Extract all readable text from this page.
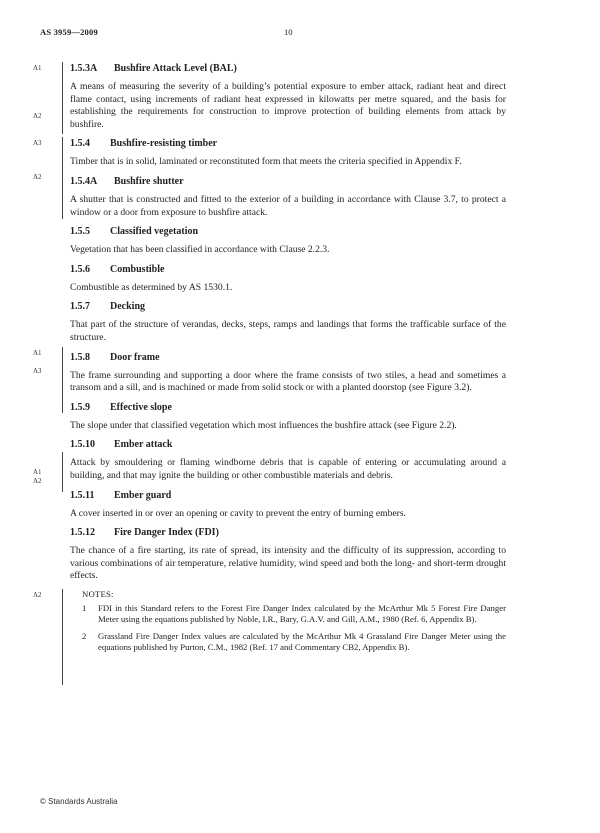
AS 3959—2009	10
A1
A2
1.5.3A Bushfire Attack Level (BAL)
A means of measuring the severity of a building’s potential exposure to ember attack, radiant heat and direct flame contact, using increments of radiant heat expressed in kilowatts per metre squared, and the basis for establishing the requirements for construction to improve protection of building elements from attack by bushfire.
A3	1.5.4 Bushfire-resisting timber
Timber that is in solid, laminated or reconstituted form that meets the criteria specified in Appendix F.
A2	1.5.4A Bushfire shutter
A shutter that is constructed and fitted to the exterior of a building in accordance with Clause 3.7, to protect a window or a door from exposure to bushfire attack.
1.5.5 Classified vegetation
Vegetation that has been classified in accordance with Clause 2.2.3.
1.5.6 Combustible
Combustible as determined by AS 1530.1.
1.5.7 Decking
That part of the structure of verandas, decks, steps, ramps and landings that forms the trafficable surface of the structure.
A1
A3
1.5.8 Door frame
The frame surrounding and supporting a door where the frame consists of two stiles, a head and sometimes a transom and a sill, and is machined or made from solid stock or with a planted doorstop (see Figure 3.2).
1.5.9 Effective slope
The slope under that classified vegetation which most influences the bushfire attack (see Figure 2.2).
A1
A2
1.5.10 Ember attack
Attack by smouldering or flaming windborne debris that is capable of entering or accumulating around a building, and that may ignite the building or other combustible materials and debris.
1.5.11 Ember guard
A cover inserted in or over an opening or cavity to prevent the entry of burning embers.
1.5.12 Fire Danger Index (FDI)
The chance of a fire starting, its rate of spread, its intensity and the difficulty of its suppression, according to various combinations of air temperature, relative humidity, wind speed and both the long- and short-term drought effects.
A2	NOTES:
1 FDI in this Standard refers to the Forest Fire Danger Index calculated by the McArthur Mk 5 Forest Fire Danger Meter using the equations published by Noble, I.R., Bary, G.A.V. and Gill, A.M., 1980 (Ref. 6, Appendix B).
2 Grassland Fire Danger Index values are calculated by the McArthur Mk 4 Grassland Fire Danger Meter using the equations published by Purton, C.M., 1982 (Ref. 17 and Commentary CB2, Appendix B).
© Standards Australia
